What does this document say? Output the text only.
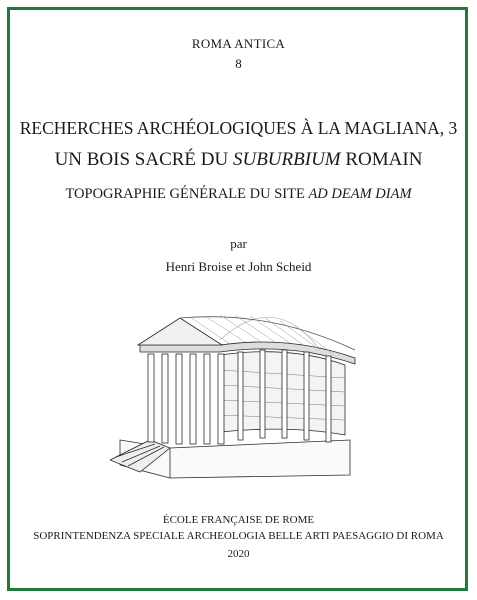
ROMA ANTICA
8
RECHERCHES ARCHÉOLOGIQUES À LA MAGLIANA, 3
UN BOIS SACRÉ DU SUBURBIUM ROMAIN
TOPOGRAPHIE GÉNÉRALE DU SITE AD DEAM DIAM
par
Henri Broise et John Scheid
ÉCOLE FRANÇAISE DE ROME
SOPRINTENDENZA SPECIALE ARCHEOLOGIA BELLE ARTI PAESAGGIO DI ROMA
2020
